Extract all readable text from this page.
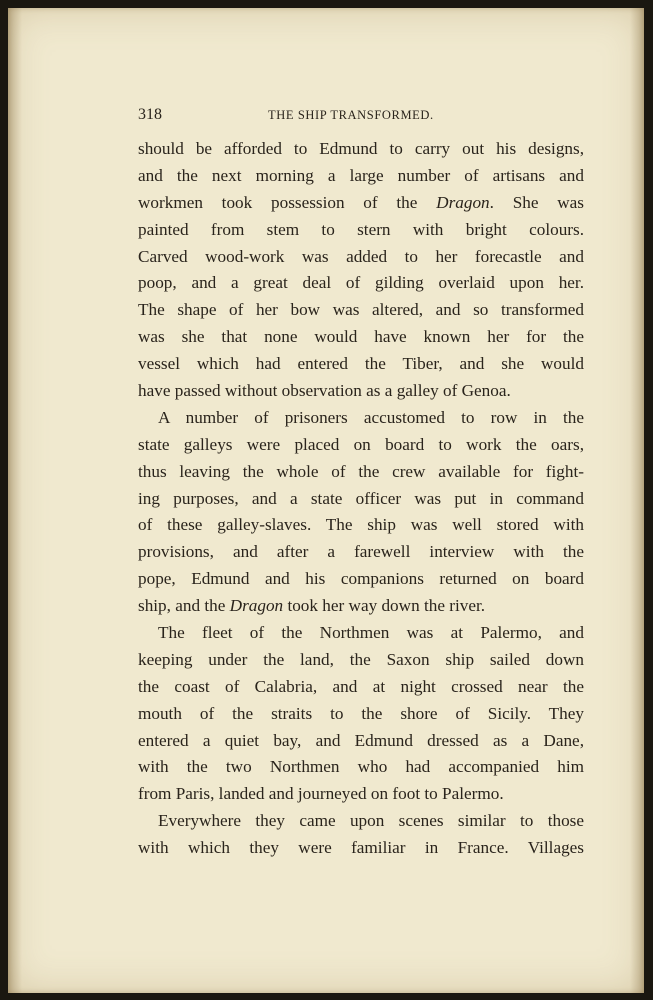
318	THE SHIP TRANSFORMED.
should be afforded to Edmund to carry out his designs,
and the next morning a large number of artisans and
workmen took possession of the Dragon. She was
painted from stem to stern with bright colours.
Carved wood-work was added to her forecastle and
poop, and a great deal of gilding overlaid upon her.
The shape of her bow was altered, and so transformed
was she that none would have known her for the
vessel which had entered the Tiber, and she would
have passed without observation as a galley of Genoa.
A number of prisoners accustomed to row in the
state galleys were placed on board to work the oars,
thus leaving the whole of the crew available for fight-
ing purposes, and a state officer was put in command
of these galley-slaves. The ship was well stored with
provisions, and after a farewell interview with the
pope, Edmund and his companions returned on board
ship, and the Dragon took her way down the river.
The fleet of the Northmen was at Palermo, and
keeping under the land, the Saxon ship sailed down
the coast of Calabria, and at night crossed near the
mouth of the straits to the shore of Sicily. They
entered a quiet bay, and Edmund dressed as a Dane,
with the two Northmen who had accompanied him
from Paris, landed and journeyed on foot to Palermo.
Everywhere they came upon scenes similar to those
with which they were familiar in France. Villages
